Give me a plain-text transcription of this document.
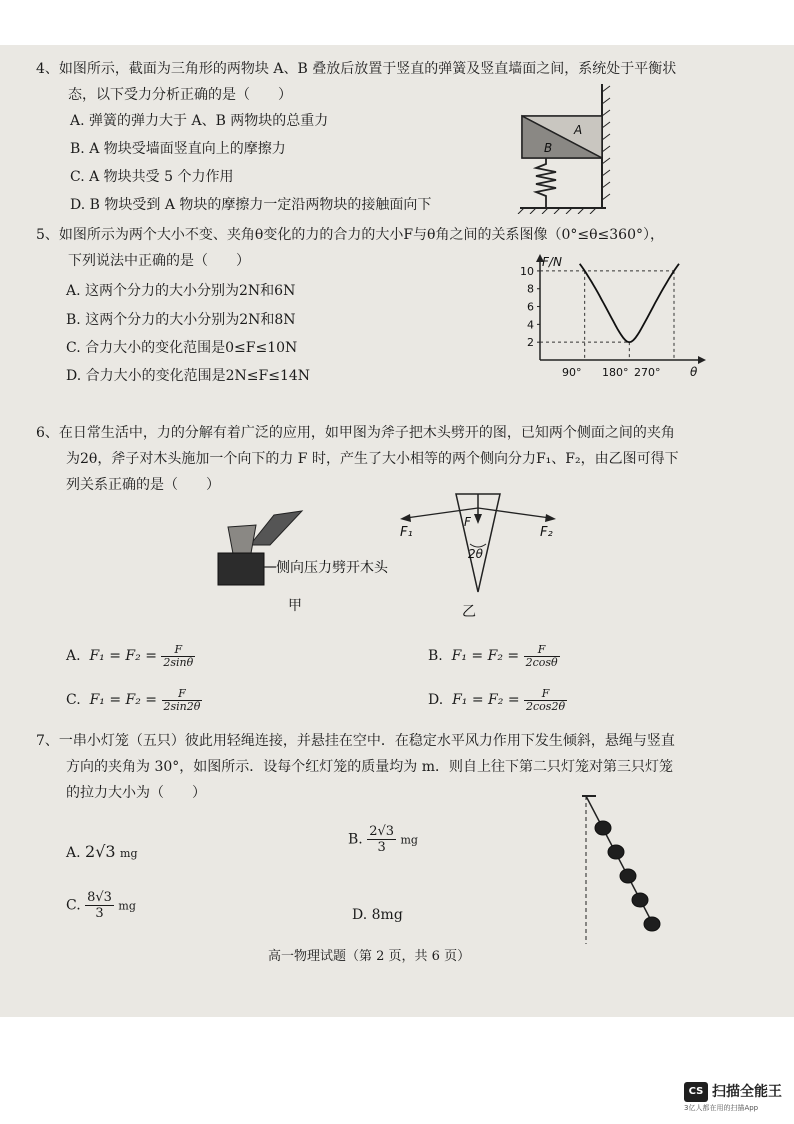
4、如图所示，截面为三角形的两物块 A、B 叠放后放置于竖直的弹簧及竖直墙面之间，系统处于平衡状
态，以下受力分析正确的是（　　）
A. 弹簧的弹力大于 A、B 两物块的总重力
B. A 物块受墙面竖直向上的摩擦力
C. A 物块共受 5 个力作用
D. B 物块受到 A 物块的摩擦力一定沿两物块的接触面向下
A
B
5、如图所示为两个大小不变、夹角θ变化的力的合力的大小F与θ角之间的关系图像（0°≤θ≤360°），
下列说法中正确的是（　　）
A. 这两个分力的大小分别为2N和6N
B. 这两个分力的大小分别为2N和8N
C. 合力大小的变化范围是0≤F≤10N
D. 合力大小的变化范围是2N≤F≤14N
F/N
θ
90° 180° 270°
2
4
6
8
10
6、在日常生活中，力的分解有着广泛的应用，如甲图为斧子把木头劈开的图，已知两个侧面之间的夹角
为2θ，斧子对木头施加一个向下的力 F 时，产生了大小相等的两个侧向分力F₁、F₂，由乙图可得下
列关系正确的是（　　）
侧向压力劈开木头
甲
F₁
F
F₂
2θ
乙
A. $F_1 = F_2 = \frac{F}{2\sin\theta}$	B. $F_1 = F_2 = \frac{F}{2\cos\theta}$
C. $F_1 = F_2 = \frac{F}{2\sin 2\theta}$	D. $F_1 = F_2 = \frac{F}{2\cos 2\theta}$
7、一串小灯笼（五只）彼此用轻绳连接，并悬挂在空中．在稳定水平风力作用下发生倾斜，悬绳与竖直
方向的夹角为 30°，如图所示．设每个红灯笼的质量均为 m．则自上往下第二只灯笼对第三只灯笼
的拉力大小为（　　）
A. 2√3 mg
B. $\frac{2√3}{3}$ mg
C. $\frac{8√3}{3}$ mg
D. 8mg
高一物理试题（第 2 页，共 6 页）
CS 扫描全能王
3亿人都在用的扫描App
